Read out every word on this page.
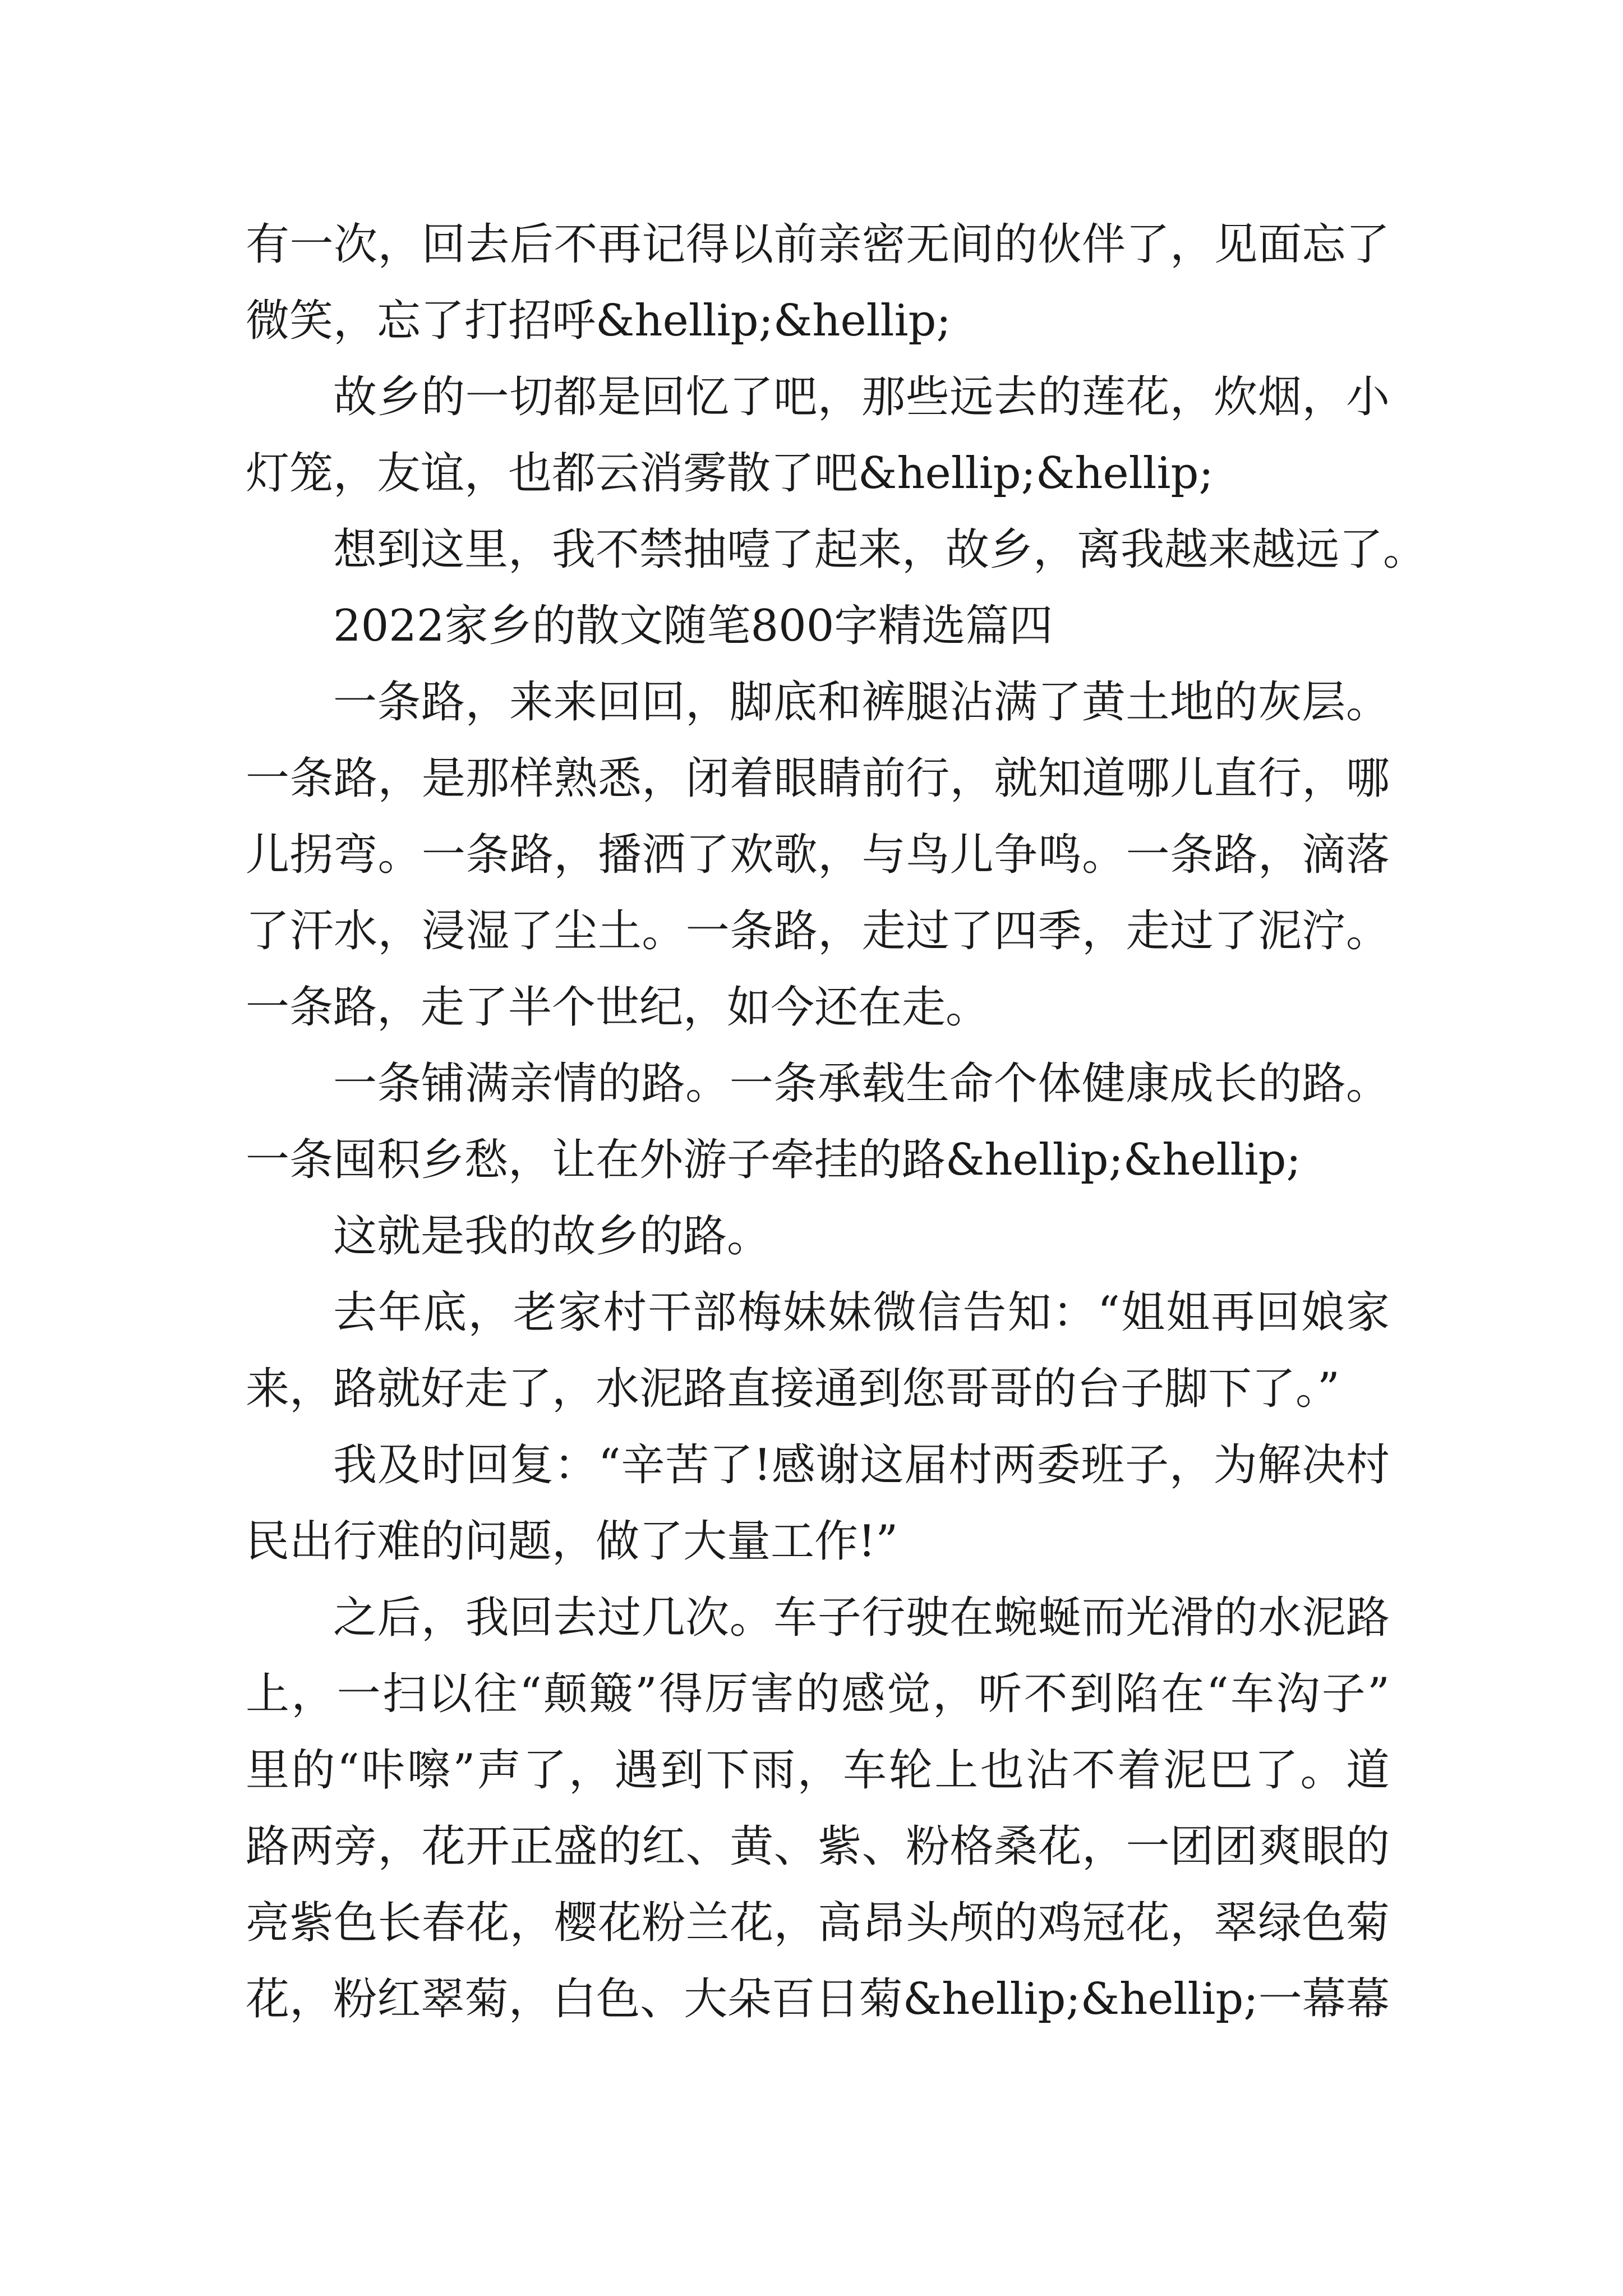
有一次，回去后不再记得以前亲密无间的伙伴了，见面忘了
微笑，忘了打招呼&hellip;&hellip;
故乡的一切都是回忆了吧，那些远去的莲花，炊烟，小
灯笼，友谊，也都云消雾散了吧&hellip;&hellip;
想到这里，我不禁抽噎了起来，故乡，离我越来越远了。
2022家乡的散文随笔800字精选篇四
一条路，来来回回，脚底和裤腿沾满了黄土地的灰层。
一条路，是那样熟悉，闭着眼睛前行，就知道哪儿直行，哪
儿拐弯。一条路，播洒了欢歌，与鸟儿争鸣。一条路，滴落
了汗水，浸湿了尘土。一条路，走过了四季，走过了泥泞。
一条路，走了半个世纪，如今还在走。
一条铺满亲情的路。一条承载生命个体健康成长的路。
一条囤积乡愁，让在外游子牵挂的路&hellip;&hellip;
这就是我的故乡的路。
去年底，老家村干部梅妹妹微信告知：“姐姐再回娘家
来，路就好走了，水泥路直接通到您哥哥的台子脚下了。”
我及时回复：“辛苦了!感谢这届村两委班子，为解决村
民出行难的问题，做了大量工作!”
之后，我回去过几次。车子行驶在蜿蜒而光滑的水泥路
上，一扫以往“颠簸”得厉害的感觉，听不到陷在“车沟子”
里的“咔嚓”声了，遇到下雨，车轮上也沾不着泥巴了。道
路两旁，花开正盛的红、黄、紫、粉格桑花，一团团爽眼的
亮紫色长春花，樱花粉兰花，高昂头颅的鸡冠花，翠绿色菊
花，粉红翠菊，白色、大朵百日菊&hellip;&hellip;一幕幕
